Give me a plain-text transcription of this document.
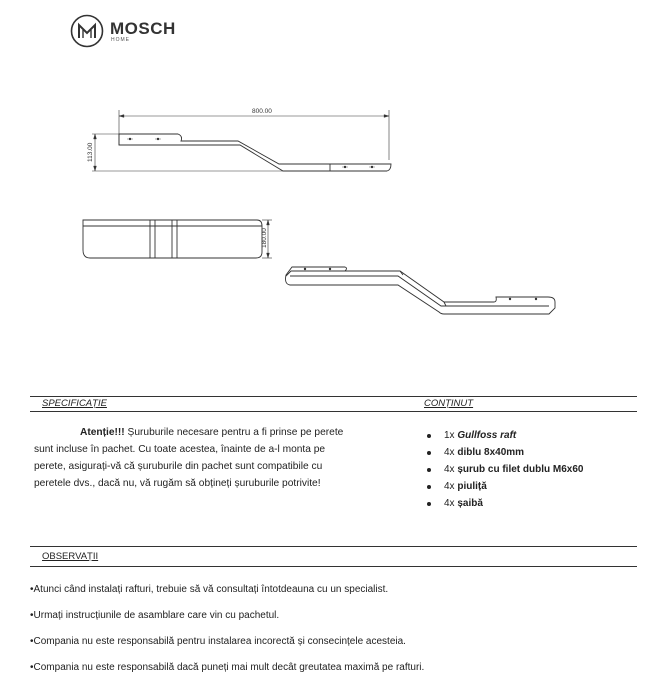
MOSCH
HOME
800.00
113.00
180.00
SPECIFICAȚIE	CONȚINUT
Atenție!!! Șuruburile necesare pentru a fi prinse pe perete sunt incluse în pachet. Cu toate acestea, înainte de a-l monta pe perete, asigurați-vă că șuruburile din pachet sunt compatibile cu peretele dvs., dacă nu, vă rugăm să obțineți șuruburile potrivite!
1x Gullfoss raft
4x diblu 8x40mm
4x șurub cu filet dublu M6x60
4x piuliță
4x șaibă
OBSERVAȚII
• Atunci când instalați rafturi, trebuie să vă consultați întotdeauna cu un specialist.
• Urmați instrucțiunile de asamblare care vin cu pachetul.
• Compania nu este responsabilă pentru instalarea incorectă și consecințele acesteia.
• Compania nu este responsabilă dacă puneți mai mult decât greutatea maximă pe rafturi.
